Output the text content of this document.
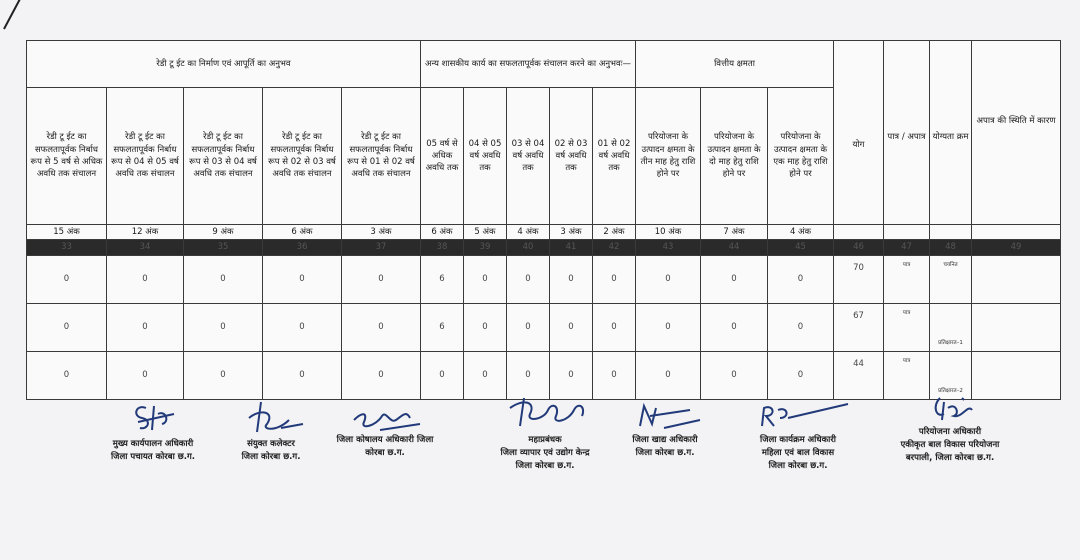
रेडी टू ईट का निर्माण एवं आपूर्ति का अनुभव					अन्य शासकीय कार्य का सफलतापूर्वक संचालन करने का अनुभवः—					वित्तीय क्षमता			योग	पात्र / अपात्र	योग्यता क्रम	अपात्र की स्थिति में कारण
रेडी टू ईट का सफलतापूर्वक निर्बाध रूप से 5 वर्ष से अधिक अवधि तक संचालन	रेडी टू ईट का सफलतापूर्वक निर्बाध रूप से 04 से 05 वर्ष अवधि तक संचालन	रेडी टू ईट का सफलतापूर्वक निर्बाध रूप से 03 से 04 वर्ष अवधि तक संचालन	रेडी टू ईट का सफलतापूर्वक निर्बाध रूप से 02 से 03 वर्ष अवधि तक संचालन	रेडी टू ईट का सफलतापूर्वक निर्बाध रूप से 01 से 02 वर्ष अवधि तक संचालन	05 वर्ष से अधिक अवधि तक	04 से 05 वर्ष अवधि तक	03 से 04 वर्ष अवधि तक	02 से 03 वर्ष अवधि तक	01 से 02 वर्ष अवधि तक	परियोजना के उत्पादन क्षमता के तीन माह हेतु राशि होने पर	परियोजना के उत्पादन क्षमता के दो माह हेतु राशि होने पर	परियोजना के उत्पादन क्षमता के एक माह हेतु राशि होने पर				
15 अंक	12 अंक	9 अंक	6 अंक	3 अंक	6 अंक	5 अंक	4 अंक	3 अंक	2 अंक	10 अंक	7 अंक	4 अंक				
33	34	35	36	37	38	39	40	41	42	43	44	45	46	47	48	49
0	0	0	0	0	6	0	0	0	0	0	0	0	70	पात्र	चयनित	
0	0	0	0	0	6	0	0	0	0	0	0	0	67	पात्र	प्रतिक्षारत–1	
0	0	0	0	0	0	0	0	0	0	0	0	0	44	पात्र	प्रतिक्षारत–2	
मुख्य कार्यपालन अधिकारी
जिला पचायत कोरबा छ.ग.
संयुक्त कलेक्टर
जिला कोरबा छ.ग.
जिला कोषालय अधिकारी जिला
कोरबा छ.ग.
महाप्रबंधक
जिला व्यापार एवं उद्योग केन्द्र
जिला कोरबा छ.ग.
जिला खाद्य अधिकारी
जिला कोरबा छ.ग.
जिला कार्यक्रम अधिकारी
महिला एवं बाल विकास
जिला कोरबा छ.ग.
परियोजना अधिकारी
एकीकृत बाल विकास परियोजना
बरपाली, जिला कोरबा छ.ग.
